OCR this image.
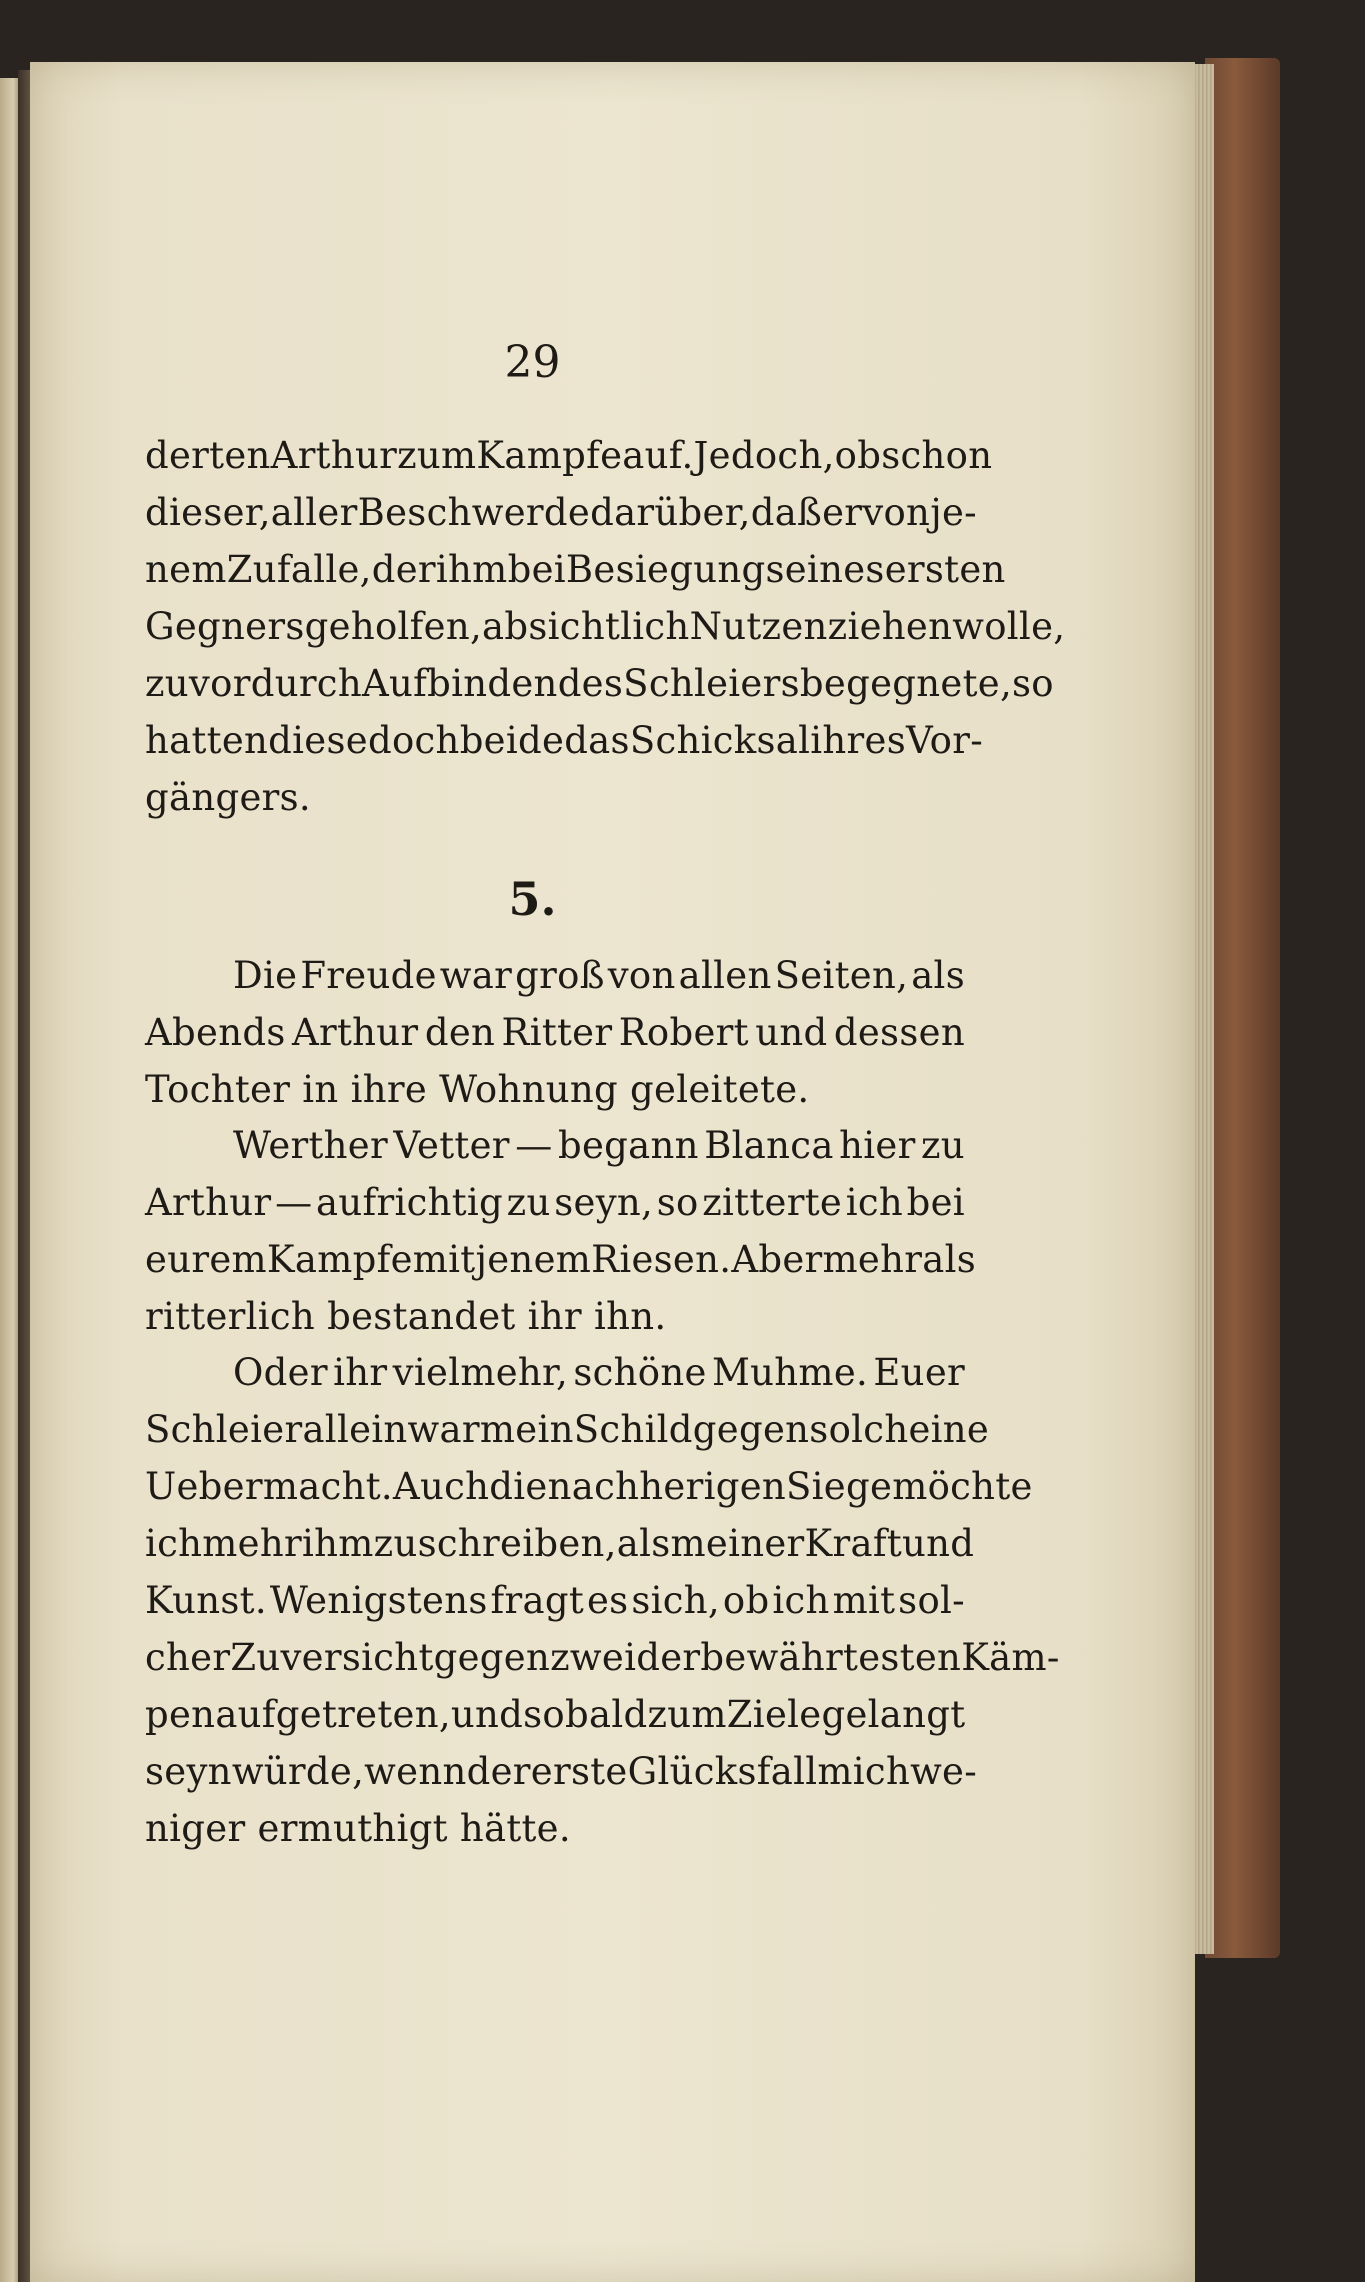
29
derten Arthur zum Kampfe auf. Jedoch, obschon
dieser, aller Beschwerde darüber, daß er von je-
nem Zufalle, der ihm bei Besiegung seines ersten
Gegners geholfen, absichtlich Nutzen ziehen wolle,
zuvor durch Aufbinden des Schleiers begegnete, so
hatten diese doch beide das Schicksal ihres Vor-
gängers.
5.
Die Freude war groß von allen Seiten, als
Abends Arthur den Ritter Robert und dessen
Tochter in ihre Wohnung geleitete.
Werther Vetter — begann Blanca hier zu
Arthur — aufrichtig zu seyn, so zitterte ich bei
eurem Kampfe mit jenem Riesen. Aber mehr als
ritterlich bestandet ihr ihn.
Oder ihr vielmehr, schöne Muhme. Euer
Schleier allein war mein Schild gegen solch eine
Uebermacht. Auch die nachherigen Siege möchte
ich mehr ihm zuschreiben, als meiner Kraft und
Kunst. Wenigstens fragt es sich, ob ich mit sol-
cher Zuversicht gegen zwei der bewährtesten Käm-
pen aufgetreten, und so bald zum Ziele gelangt
seyn würde, wenn der erste Glücksfall mich we-
niger ermuthigt hätte.
